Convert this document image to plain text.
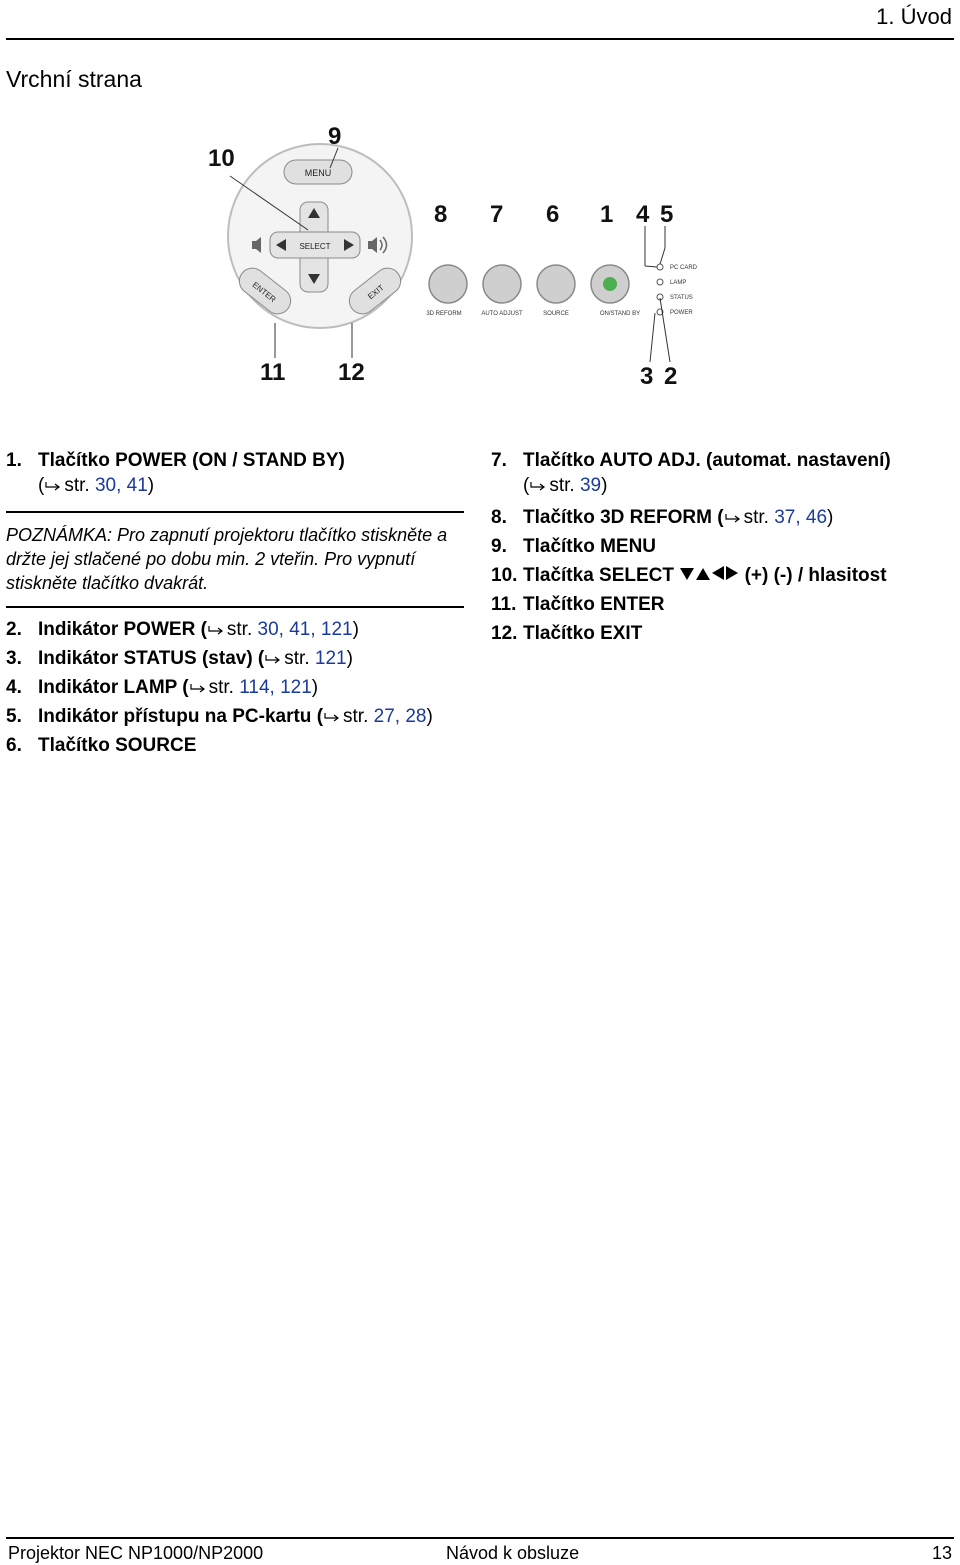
1. Úvod
Vrchní strana
MENU
SELECT
ENTER	EXIT
3D REFORM	AUTO ADJUST	SOURCE	ON/STAND BY
PC CARD
LAMP
STATUS
POWER
10
9
8 7 6 1 4 5
11 12	3 2
1. Tlačítko POWER (ON / STAND BY)
( str. 30, 41)
POZNÁMKA: Pro zapnutí projektoru tlačítko stiskněte a držte jej stlačené po dobu min. 2 vteřin. Pro vypnutí stiskněte tlačítko dvakrát.
2. Indikátor POWER ( str. 30, 41, 121)
3. Indikátor STATUS (stav) ( str. 121)
4. Indikátor LAMP ( str. 114, 121)
5. Indikátor přístupu na PC-kartu ( str. 27, 28)
6. Tlačítko SOURCE
7. Tlačítko AUTO ADJ. (automat. nastavení)
( str. 39)
8. Tlačítko 3D REFORM ( str. 37, 46)
9. Tlačítko MENU
10. Tlačítka SELECT	(+) (-) / hlasitost
11. Tlačítko ENTER
12. Tlačítko EXIT
Projektor NEC NP1000/NP2000	Návod k obsluze	13
